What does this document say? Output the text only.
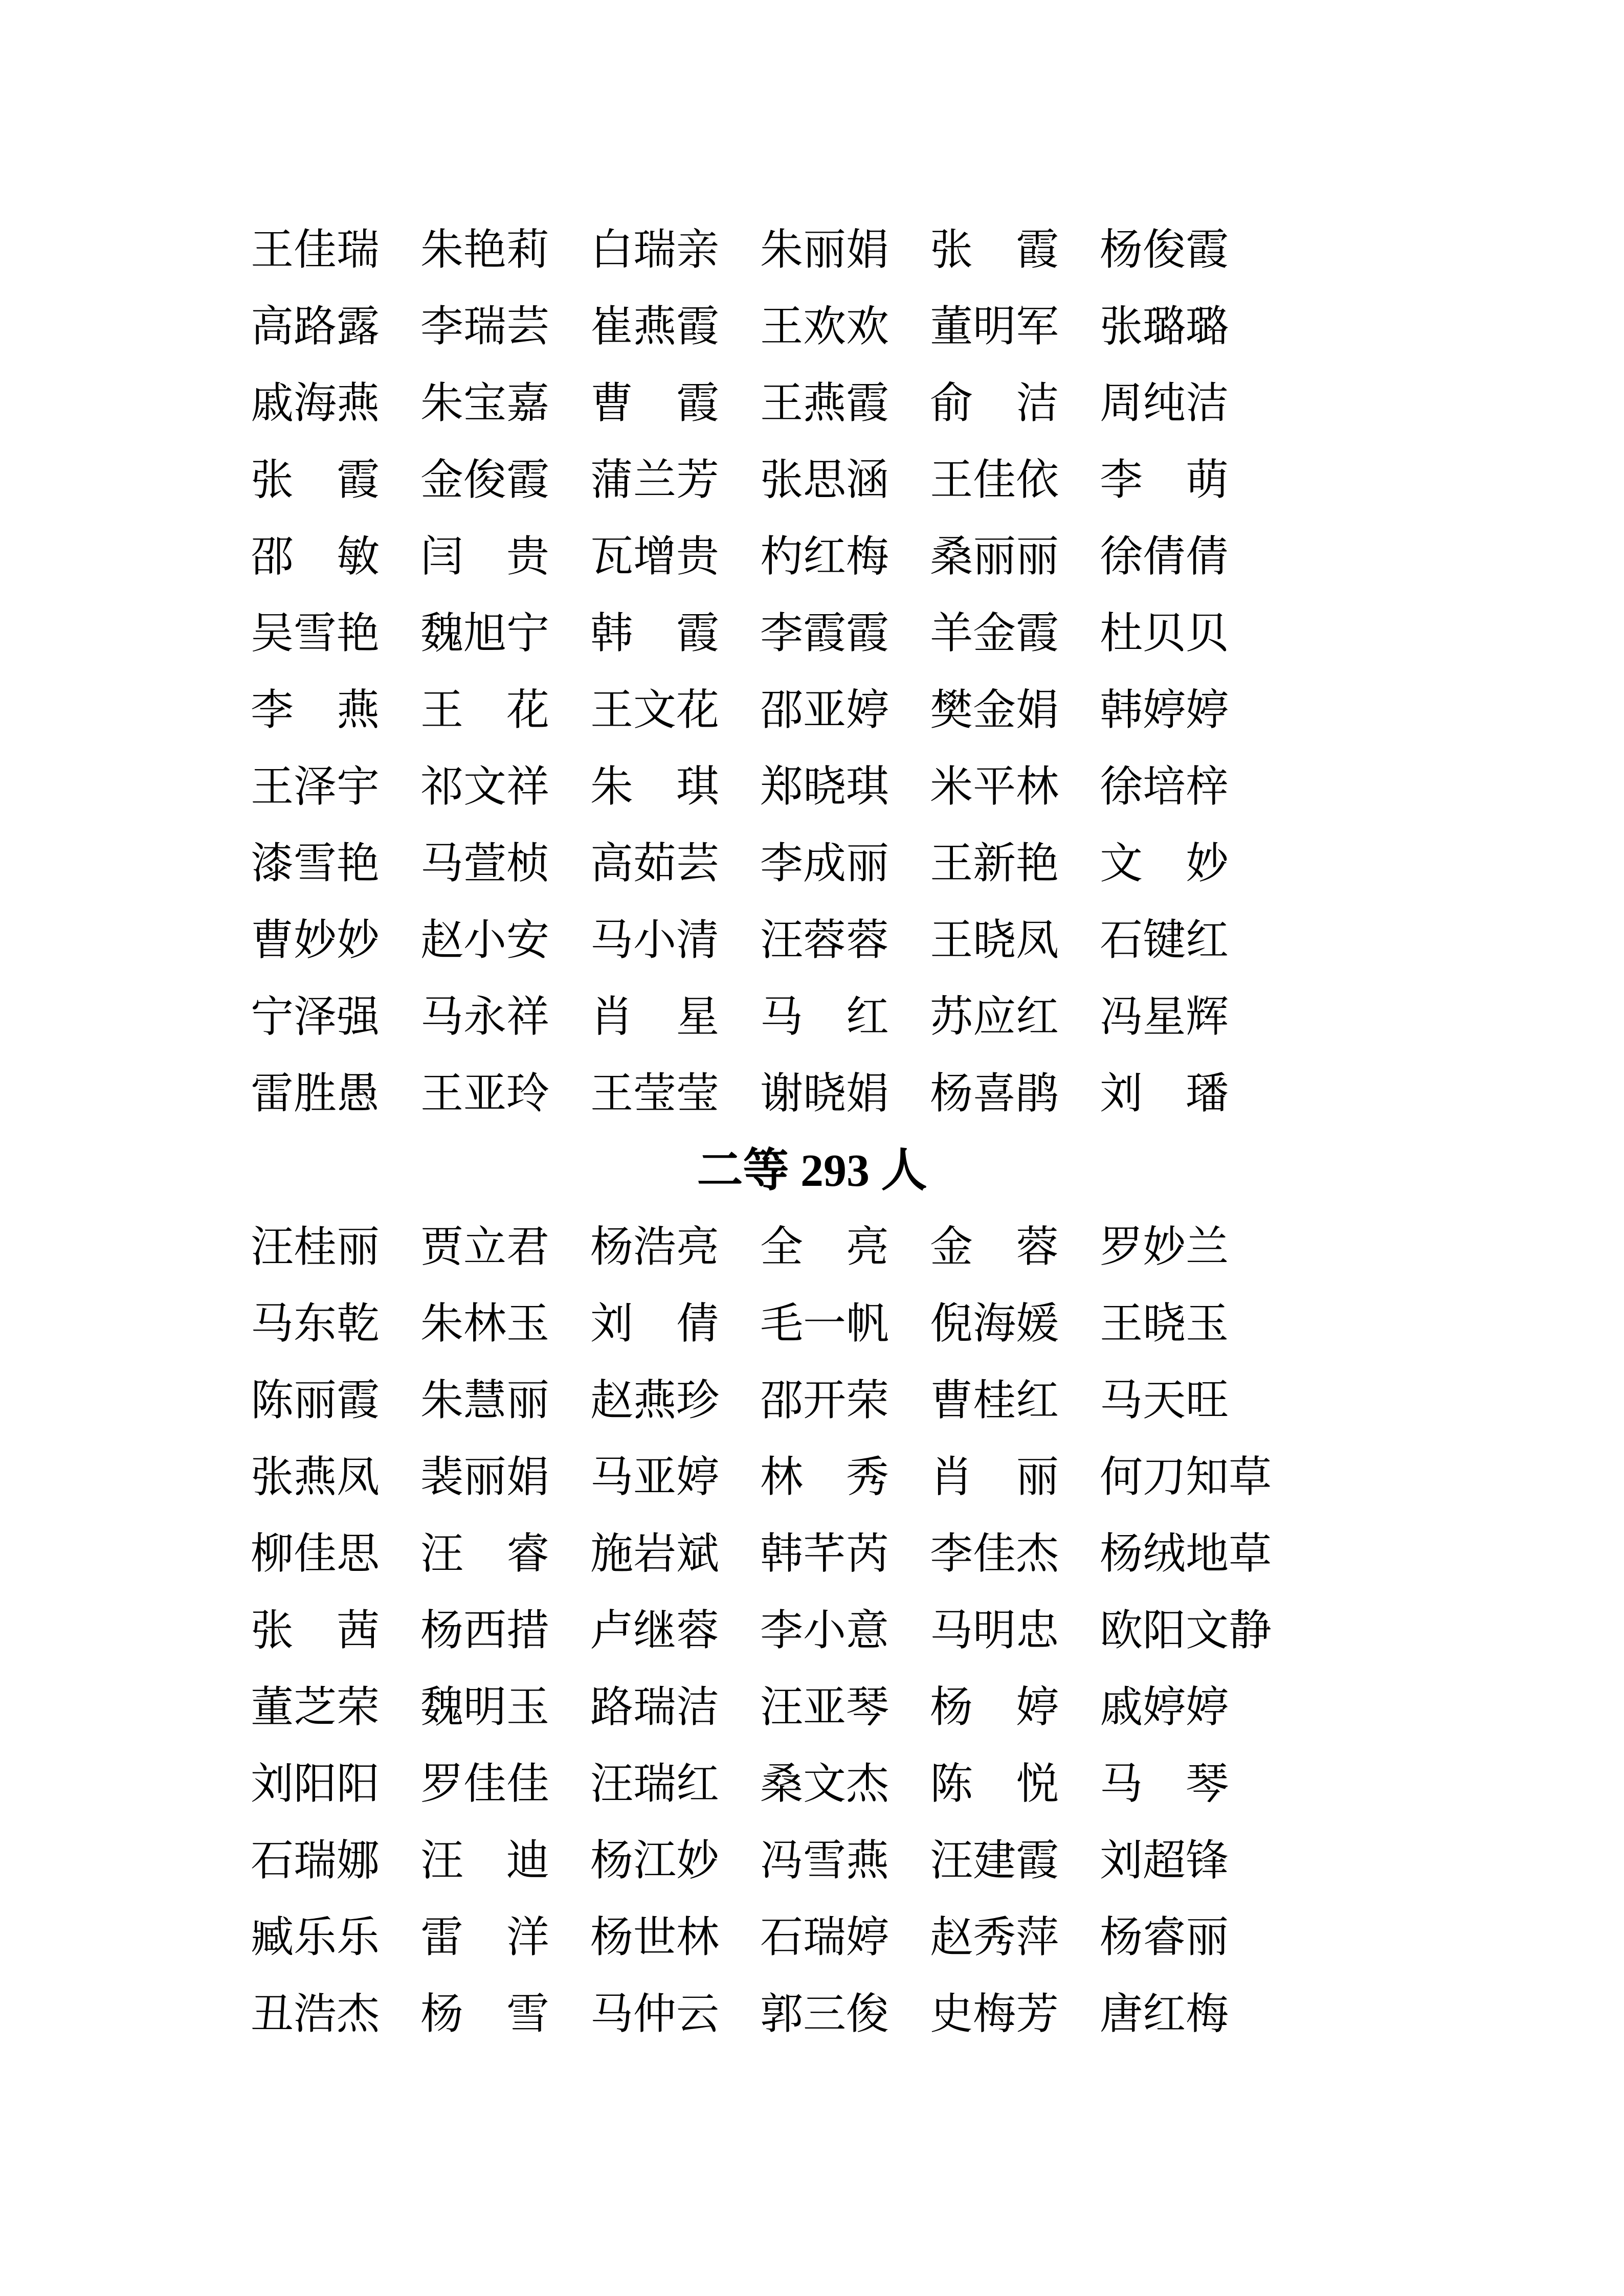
王佳瑞 朱艳莉 白瑞亲 朱丽娟 张　霞 杨俊霞
高路露 李瑞芸 崔燕霞 王欢欢 董明军 张璐璐
戚海燕 朱宝嘉 曹　霞 王燕霞 俞　洁 周纯洁
张　霞 金俊霞 蒲兰芳 张思涵 王佳依 李　萌
邵　敏 闫　贵 瓦增贵 杓红梅 桑丽丽 徐倩倩
吴雪艳 魏旭宁 韩　霞 李霞霞 羊金霞 杜贝贝
李　燕 王　花 王文花 邵亚婷 樊金娟 韩婷婷
王泽宇 祁文祥 朱　琪 郑晓琪 米平林 徐培梓
漆雪艳 马萱桢 高茹芸 李成丽 王新艳 文　妙
曹妙妙 赵小安 马小清 汪蓉蓉 王晓凤 石键红
宁泽强 马永祥 肖　星 马　红 苏应红 冯星辉
雷胜愚 王亚玲 王莹莹 谢晓娟 杨喜鹃 刘　璠
二等 293 人
汪桂丽 贾立君 杨浩亮 全　亮 金　蓉 罗妙兰
马东乾 朱林玉 刘　倩 毛一帆 倪海媛 王晓玉
陈丽霞 朱慧丽 赵燕珍 邵开荣 曹桂红 马天旺
张燕凤 裴丽娟 马亚婷 林　秀 肖　丽 何刀知草
柳佳思 汪　睿 施岩斌 韩芊芮 李佳杰 杨绒地草
张　茜 杨西措 卢继蓉 李小意 马明忠 欧阳文静
董芝荣 魏明玉 路瑞洁 汪亚琴 杨　婷 戚婷婷
刘阳阳 罗佳佳 汪瑞红 桑文杰 陈　悦 马　琴
石瑞娜 汪　迪 杨江妙 冯雪燕 汪建霞 刘超锋
臧乐乐 雷　洋 杨世林 石瑞婷 赵秀萍 杨睿丽
丑浩杰 杨　雪 马仲云 郭三俊 史梅芳 唐红梅
